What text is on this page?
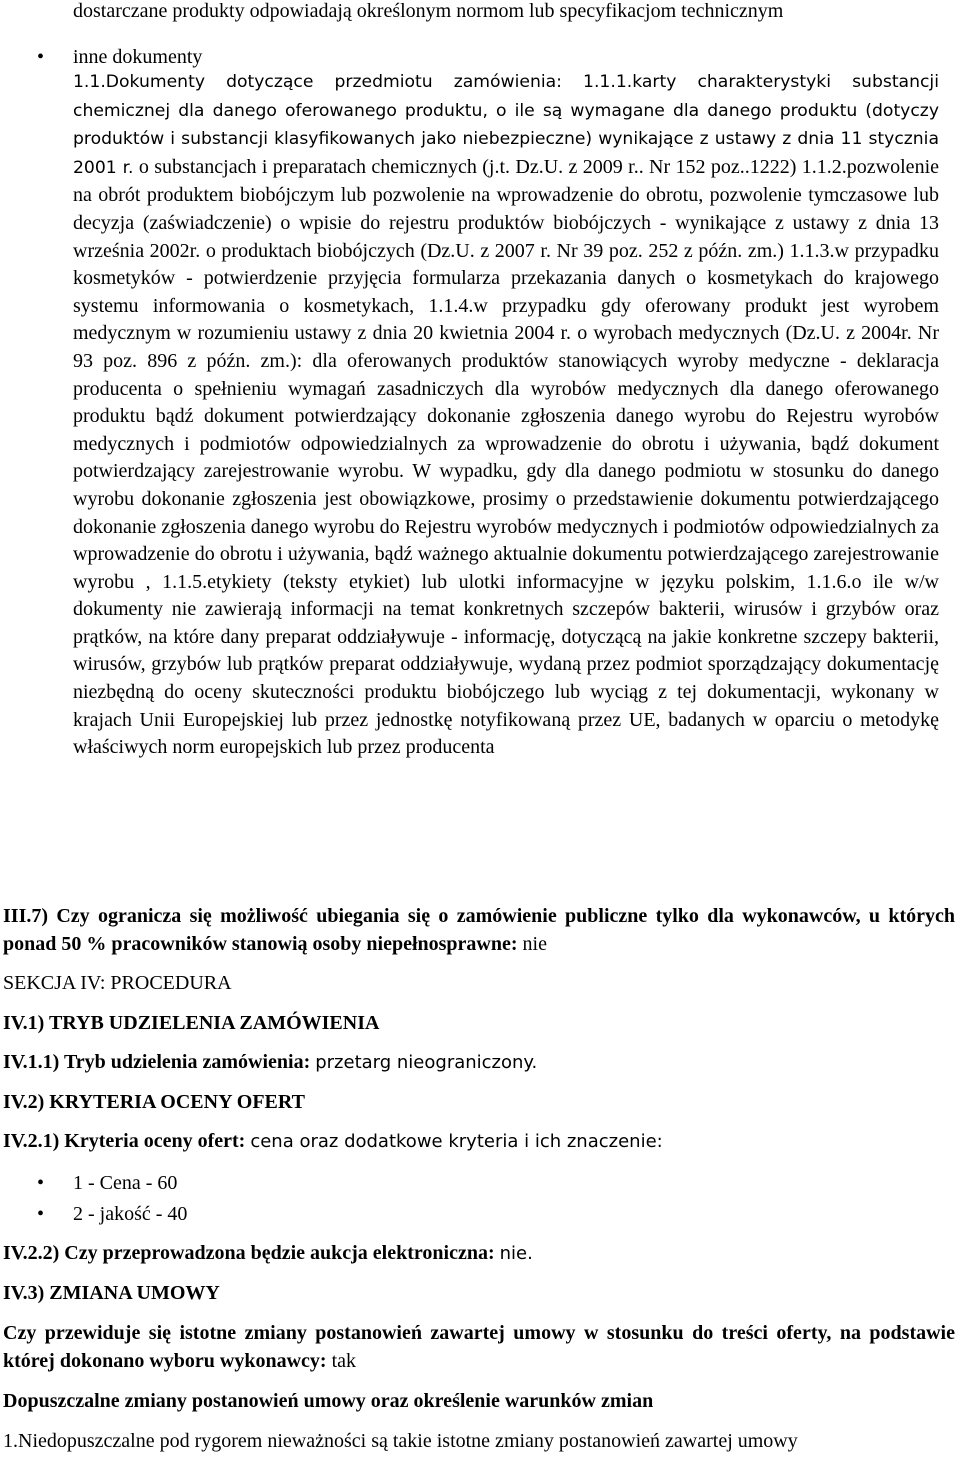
dostarczane produkty odpowiadają określonym normom lub specyfikacjom technicznym
• inne dokumenty
1.1.Dokumenty dotyczące przedmiotu zamówienia: 1.1.1.karty charakterystyki substancji chemicznej dla danego oferowanego produktu, o ile są wymagane dla danego produktu (dotyczy produktów i substancji klasyfikowanych jako niebezpieczne) wynikające z ustawy z dnia 11 stycznia 2001 r. o substancjach i preparatach chemicznych (j.t. Dz.U. z 2009 r.. Nr 152 poz..1222) 1.1.2.pozwolenie na obrót produktem biobójczym lub pozwolenie na wprowadzenie do obrotu, pozwolenie tymczasowe lub decyzja (zaświadczenie) o wpisie do rejestru produktów biobójczych - wynikające z ustawy z dnia 13 września 2002r. o produktach biobójczych (Dz.U. z 2007 r. Nr 39 poz. 252 z późn. zm.) 1.1.3.w przypadku kosmetyków - potwierdzenie przyjęcia formularza przekazania danych o kosmetykach do krajowego systemu informowania o kosmetykach, 1.1.4.w przypadku gdy oferowany produkt jest wyrobem medycznym w rozumieniu ustawy z dnia 20 kwietnia 2004 r. o wyrobach medycznych (Dz.U. z 2004r. Nr 93 poz. 896 z późn. zm.): dla oferowanych produktów stanowiących wyroby medyczne - deklaracja producenta o spełnieniu wymagań zasadniczych dla wyrobów medycznych dla danego oferowanego produktu bądź dokument potwierdzający dokonanie zgłoszenia danego wyrobu do Rejestru wyrobów medycznych i podmiotów odpowiedzialnych za wprowadzenie do obrotu i używania, bądź dokument potwierdzający zarejestrowanie wyrobu. W wypadku, gdy dla danego podmiotu w stosunku do danego wyrobu dokonanie zgłoszenia jest obowiązkowe, prosimy o przedstawienie dokumentu potwierdzającego dokonanie zgłoszenia danego wyrobu do Rejestru wyrobów medycznych i podmiotów odpowiedzialnych za wprowadzenie do obrotu i używania, bądź ważnego aktualnie dokumentu potwierdzającego zarejestrowanie wyrobu , 1.1.5.etykiety (teksty etykiet) lub ulotki informacyjne w języku polskim, 1.1.6.o ile w/w dokumenty nie zawierają informacji na temat konkretnych szczepów bakterii, wirusów i grzybów oraz prątków, na które dany preparat oddziaływuje - informację, dotyczącą na jakie konkretne szczepy bakterii, wirusów, grzybów lub prątków preparat oddziaływuje, wydaną przez podmiot sporządzający dokumentację niezbędną do oceny skuteczności produktu biobójczego lub wyciąg z tej dokumentacji, wykonany w krajach Unii Europejskiej lub przez jednostkę notyfikowaną przez UE, badanych w oparciu o metodykę właściwych norm europejskich lub przez producenta
III.7) Czy ogranicza się możliwość ubiegania się o zamówienie publiczne tylko dla wykonawców, u których ponad 50 % pracowników stanowią osoby niepełnosprawne: nie
SEKCJA IV: PROCEDURA
IV.1) TRYB UDZIELENIA ZAMÓWIENIA
IV.1.1) Tryb udzielenia zamówienia: przetarg nieograniczony.
IV.2) KRYTERIA OCENY OFERT
IV.2.1) Kryteria oceny ofert: cena oraz dodatkowe kryteria i ich znaczenie:
• 1 - Cena - 60
• 2 - jakość - 40
IV.2.2) Czy przeprowadzona będzie aukcja elektroniczna: nie.
IV.3) ZMIANA UMOWY
Czy przewiduje się istotne zmiany postanowień zawartej umowy w stosunku do treści oferty, na podstawie której dokonano wyboru wykonawcy: tak
Dopuszczalne zmiany postanowień umowy oraz określenie warunków zmian
1.Niedopuszczalne pod rygorem nieważności są takie istotne zmiany postanowień zawartej umowy
